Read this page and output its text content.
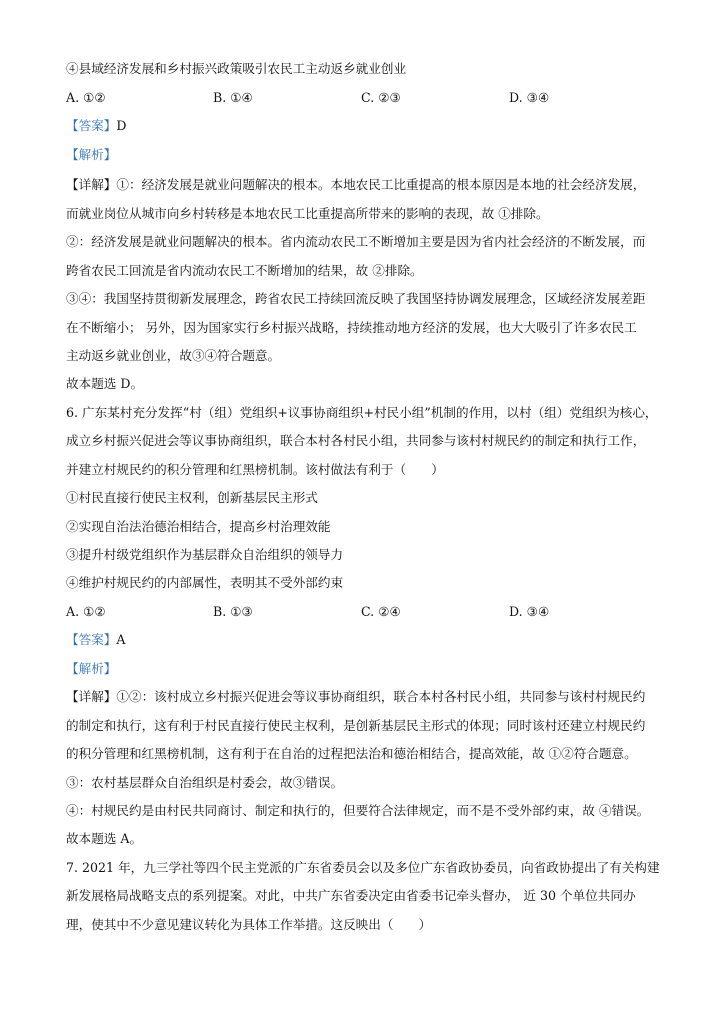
④县域经济发展和乡村振兴政策吸引农民工主动返乡就业创业
A. ①②	B. ①④	C. ②③	D. ③④
【答案】D
【解析】
【详解】①：经济发展是就业问题解决的根本。本地农民工比重提高的根本原因是本地的社会经济发展，
而就业岗位从城市向乡村转移是本地农民工比重提高所带来的影响的表现，故 ①排除。
②：经济发展是就业问题解决的根本。省内流动农民工不断增加主要是因为省内社会经济的不断发展，而
跨省农民工回流是省内流动农民工不断增加的结果，故 ②排除。
③④：我国坚持贯彻新发展理念，跨省农民工持续回流反映了我国坚持协调发展理念，区域经济发展差距
在不断缩小； 另外，因为国家实行乡村振兴战略，持续推动地方经济的发展，也大大吸引了许多农民工
主动返乡就业创业，故③④符合题意。
故本题选 D。
6. 广东某村充分发挥“村（组）党组织+议事协商组织+村民小组”机制的作用，以村（组）党组织为核心，
成立乡村振兴促进会等议事协商组织，联合本村各村民小组，共同参与该村村规民约的制定和执行工作，
并建立村规民约的积分管理和红黑榜机制。该村做法有利于（　　）
①村民直接行使民主权利，创新基层民主形式
②实现自治法治德治相结合，提高乡村治理效能
③提升村级党组织作为基层群众自治组织的领导力
④维护村规民约的内部属性，表明其不受外部约束
A. ①②	B. ①③	C. ②④	D. ③④
【答案】A
【解析】
【详解】①②：该村成立乡村振兴促进会等议事协商组织，联合本村各村民小组，共同参与该村村规民约
的制定和执行，这有利于村民直接行使民主权利，是创新基层民主形式的体现；同时该村还建立村规民约
的积分管理和红黑榜机制，这有利于在自治的过程把法治和德治相结合，提高效能，故 ①②符合题意。
③：农村基层群众自治组织是村委会，故③错误。
④：村规民约是由村民共同商讨、制定和执行的，但要符合法律规定，而不是不受外部约束，故 ④错误。
故本题选 A。
7. 2021 年，九三学社等四个民主党派的广东省委员会以及多位广东省政协委员，向省政协提出了有关构建
新发展格局战略支点的系列提案。对此，中共广东省委决定由省委书记牵头督办， 近 30 个单位共同办
理，使其中不少意见建议转化为具体工作举措。这反映出（　　）
